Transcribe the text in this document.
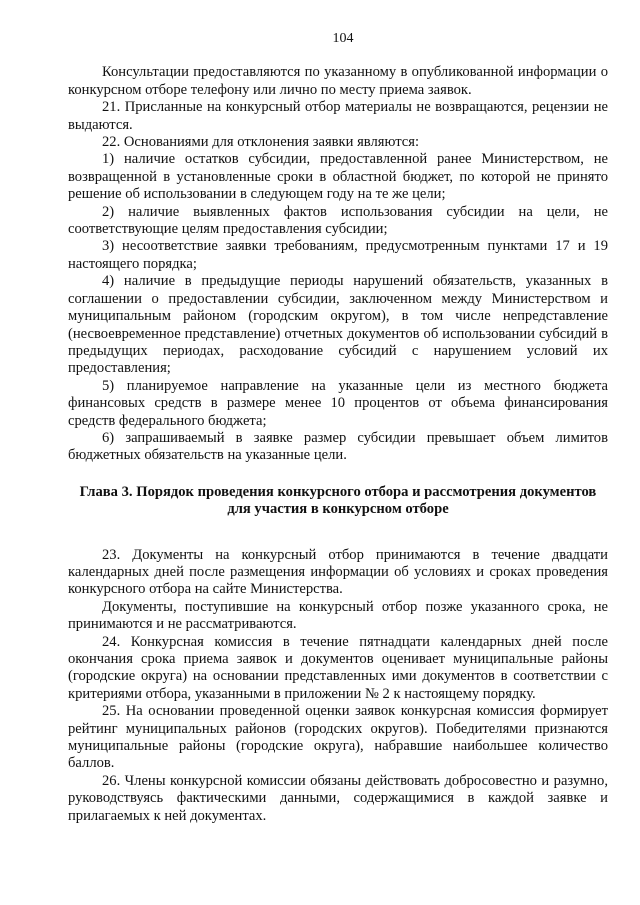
104

Консультации предоставляются по указанному в опубликованной информации о конкурсном отборе телефону или лично по месту приема заявок.

21. Присланные на конкурсный отбор материалы не возвращаются, рецензии не выдаются.

22. Основаниями для отклонения заявки являются:

1) наличие остатков субсидии, предоставленной ранее Министерством, не возвращенной в установленные сроки в областной бюджет, по которой не принято решение об использовании в следующем году на те же цели;

2) наличие выявленных фактов использования субсидии на цели, не соответствующие целям предоставления субсидии;

3) несоответствие заявки требованиям, предусмотренным пунктами 17 и 19 настоящего порядка;

4) наличие в предыдущие периоды нарушений обязательств, указанных в соглашении о предоставлении субсидии, заключенном между Министерством и муниципальным районом (городским округом), в том числе непредставление (несвоевременное представление) отчетных документов об использовании субсидий в предыдущих периодах, расходование субсидий с нарушением условий их предоставления;

5) планируемое направление на указанные цели из местного бюджета финансовых средств в размере менее 10 процентов от объема финансирования средств федерального бюджета;

6) запрашиваемый в заявке размер субсидии превышает объем лимитов бюджетных обязательств на указанные цели.

Глава 3. Порядок проведения конкурсного отбора и рассмотрения документов для участия в конкурсном отборе

23. Документы на конкурсный отбор принимаются в течение двадцати календарных дней после размещения информации об условиях и сроках проведения конкурсного отбора на сайте Министерства.

Документы, поступившие на конкурсный отбор позже указанного срока, не принимаются и не рассматриваются.

24. Конкурсная комиссия в течение пятнадцати календарных дней после окончания срока приема заявок и документов оценивает муниципальные районы (городские округа) на основании представленных ими документов в соответствии с критериями отбора, указанными в приложении № 2 к настоящему порядку.

25. На основании проведенной оценки заявок конкурсная комиссия формирует рейтинг муниципальных районов (городских округов). Победителями признаются муниципальные районы (городские округа), набравшие наибольшее количество баллов.

26. Члены конкурсной комиссии обязаны действовать добросовестно и разумно, руководствуясь фактическими данными, содержащимися в каждой заявке и прилагаемых к ней документах.
